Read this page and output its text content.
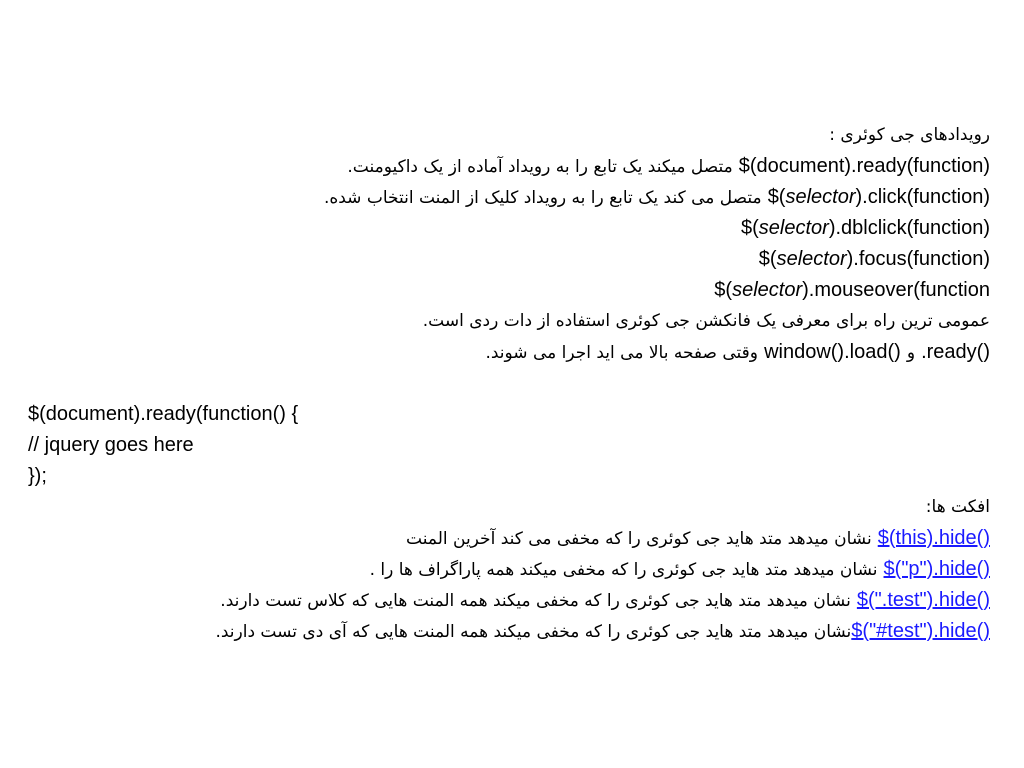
رویدادهای جی کوئری :
$(document).ready(function) متصل میکند یک تابع را به رویداد آماده از یک داکیومنت.
$(selector).click(function) متصل می کند یک تابع را به رویداد کلیک از المنت انتخاب شده.
$(selector).dblclick(function)
$(selector).focus(function)
$(selector).mouseover(function
عمومی ترین راه برای معرفی یک فانکشن جی کوئری استفاده از دات ردی است.
.ready() و window().load() وقتی صفحه بالا می اید اجرا می شوند.
$(document).ready(function() {
// jquery goes here
});
افکت ها:
$(this).hide() نشان میدهد متد هاید جی کوئری را که مخفی می کند آخرین المنت
$("p").hide() نشان میدهد متد هاید جی کوئری را که مخفی میکند همه پاراگراف ها را .
$(".test").hide() نشان میدهد متد هاید جی کوئری را که مخفی میکند همه المنت هایی که کلاس تست دارند.
$("#test").hide()نشان میدهد متد هاید جی کوئری را که مخفی میکند همه المنت هایی که آی دی تست دارند.
